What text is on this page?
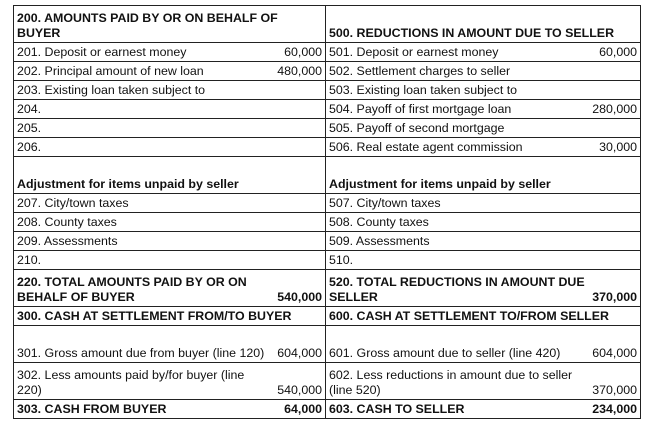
200. AMOUNTS PAID BY OR ON BEHALF OF BUYER		500. REDUCTIONS IN AMOUNT DUE TO SELLER	
201. Deposit or earnest money	60,000	501. Deposit or earnest money	60,000
202. Principal amount of new loan	480,000	502. Settlement charges to seller	
203. Existing loan taken subject to		503. Existing loan taken subject to	
204.		504. Payoff of first mortgage loan	280,000
205.		505. Payoff of second mortgage	
206.		506. Real estate agent commission	30,000
Adjustment for items unpaid by seller		Adjustment for items unpaid by seller	
207. City/town taxes		507. City/town taxes	
208. County taxes		508. County taxes	
209. Assessments		509. Assessments	
210.		510.	
220. TOTAL AMOUNTS PAID BY OR ON BEHALF OF BUYER	540,000	520. TOTAL REDUCTIONS IN AMOUNT DUE SELLER	370,000
300. CASH AT SETTLEMENT FROM/TO BUYER		600. CASH AT SETTLEMENT TO/FROM SELLER	
301. Gross amount due from buyer (line 120)	604,000	601. Gross amount due to seller (line 420)	604,000
302. Less amounts paid by/for buyer (line 220)	540,000	602. Less reductions in amount due to seller (line 520)	370,000
303. CASH FROM BUYER	64,000	603. CASH TO SELLER	234,000
